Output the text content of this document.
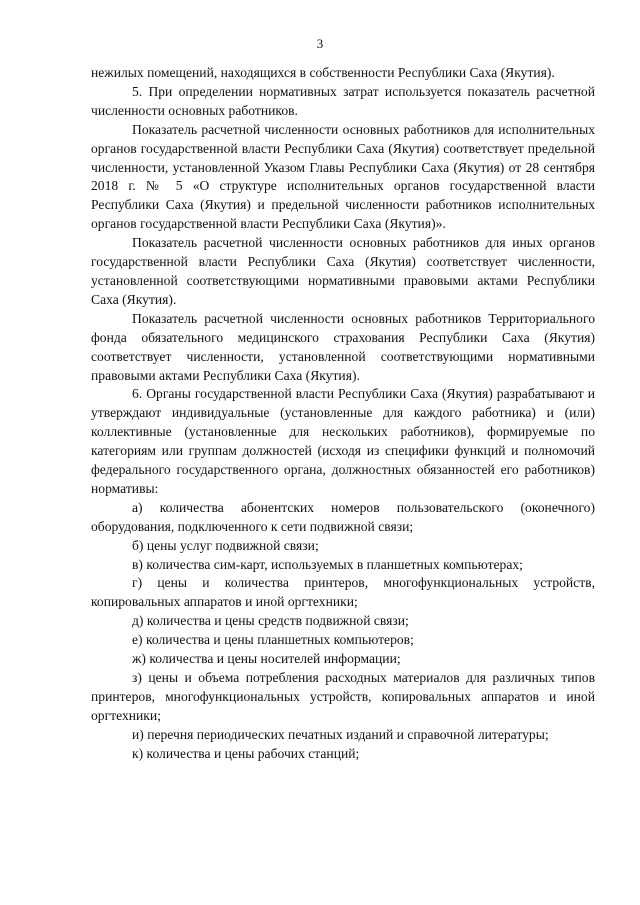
3

нежилых помещений, находящихся в собственности Республики Саха (Якутия).

5. При определении нормативных затрат используется показатель расчетной численности основных работников.

Показатель расчетной численности основных работников для исполнительных органов государственной власти Республики Саха (Якутия) соответствует предельной численности, установленной Указом Главы Республики Саха (Якутия) от 28 сентября 2018 г. № 5 «О структуре исполнительных органов государственной власти Республики Саха (Якутия) и предельной численности работников исполнительных органов государственной власти Республики Саха (Якутия)».

Показатель расчетной численности основных работников для иных органов государственной власти Республики Саха (Якутия) соответствует численности, установленной соответствующими нормативными правовыми актами Республики Саха (Якутия).

Показатель расчетной численности основных работников Территориального фонда обязательного медицинского страхования Республики Саха (Якутия) соответствует численности, установленной соответствующими нормативными правовыми актами Республики Саха (Якутия).

6. Органы государственной власти Республики Саха (Якутия) разрабатывают и утверждают индивидуальные (установленные для каждого работника) и (или) коллективные (установленные для нескольких работников), формируемые по категориям или группам должностей (исходя из специфики функций и полномочий федерального государственного органа, должностных обязанностей его работников) нормативы:

а) количества абонентских номеров пользовательского (оконечного) оборудования, подключенного к сети подвижной связи;

б) цены услуг подвижной связи;

в) количества сим-карт, используемых в планшетных компьютерах;

г) цены и количества принтеров, многофункциональных устройств, копировальных аппаратов и иной оргтехники;

д) количества и цены средств подвижной связи;

е) количества и цены планшетных компьютеров;

ж) количества и цены носителей информации;

з) цены и объема потребления расходных материалов для различных типов принтеров, многофункциональных устройств, копировальных аппаратов и иной оргтехники;

и) перечня периодических печатных изданий и справочной литературы;

к) количества и цены рабочих станций;
